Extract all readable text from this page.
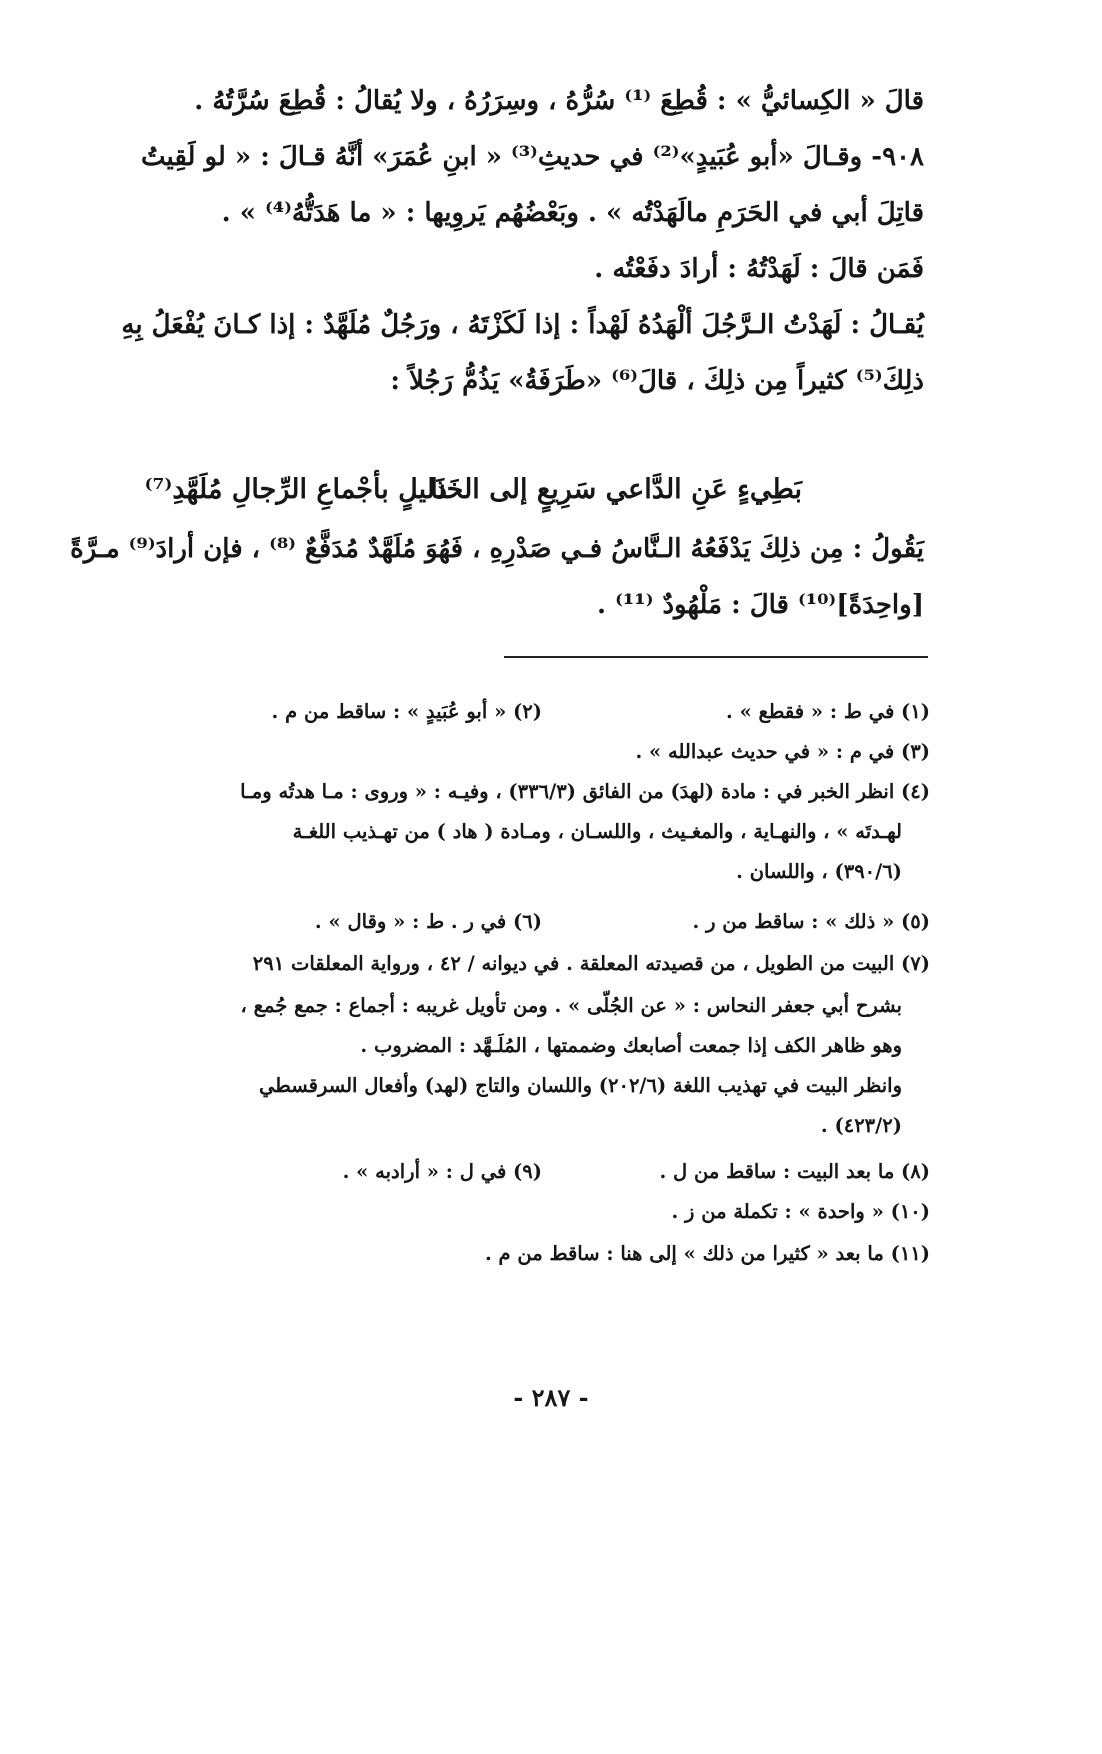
قالَ « الكِسائيُّ » : قُطِعَ ⁽¹⁾ سُرُّهُ ، وسِرَرُهُ ، ولا يُقالُ : قُطِعَ سُرَّتُهُ .
٩٠٨- وقـالَ «أبو عُبَيدٍ»⁽²⁾ في حديثِ⁽³⁾ « ابنِ عُمَرَ» أنَّهُ قـالَ : « لو لَقِيتُ
قاتِلَ أبي في الحَرَمِ مالَهَدْتُه » . وبَعْضُهُم يَروِيها : « ما هَدَتُّهُ⁽⁴⁾ » .
فَمَن قالَ : لَهَدْتُهُ : أرادَ دفَعْتُه .
يُقـالُ : لَهَدْتُ الـرَّجُلَ ألْهَدُهُ لَهْداً : إذا لَكَزْتَهُ ، ورَجُلٌ مُلَهَّدٌ : إذا كـانَ يُفْعَلُ بِهِ
ذلِكَ⁽⁵⁾ كثيراً مِن ذلِكَ ، قالَ⁽⁶⁾ «طَرَفَةُ» يَذُمُّ رَجُلاً :
بَطِيءٍ عَنِ الدَّاعي سَرِيعٍ إلى الخَنا
ذَليلٍ بأجْماعِ الرِّجالِ مُلَهَّدِ⁽⁷⁾
يَقُولُ : مِن ذلِكَ يَدْفَعُهُ الـنَّاسُ فـي صَدْرِهِ ، فَهُوَ مُلَهَّدٌ مُدَفَّعٌ ⁽⁸⁾ ، فإن أرادَ⁽⁹⁾ مـرَّةً
[واحِدَةً]⁽¹⁰⁾ قالَ : مَلْهُودٌ ⁽¹¹⁾ .
(١) في ط : « فقطع » .
(٢) « أبو عُبَيدٍ » : ساقط من م .
(٣) في م : « في حديث عبدالله » .
(٤) انظر الخبر في : مادة (لهدَ) من الفائق (٣٣٦/٣) ، وفيـه : « وروى : مـا هدتُه ومـا
لهـدتَه » ، والنهـاية ، والمغـيث ، واللسـان ، ومـادة ( هاد ) من تهـذيب اللغـة
(٣٩٠/٦) ، واللسان .
(٥) « ذلك » : ساقط من ر .
(٦) في ر . ط : « وقال » .
(٧) البيت من الطويل ، من قصيدته المعلقة . في ديوانه / ٤٢ ، ورواية المعلقات ٢٩١
بشرح أبي جعفر النحاس : « عن الجُلّى » . ومن تأويل غريبه : أجماع : جمع جُمع ،
وهو ظاهر الكف إذا جمعت أصابعك وضممتها ، المُلَـهَّد : المضروب .
وانظر البيت في تهذيب اللغة (٢٠٢/٦) واللسان والتاج (لهد) وأفعال السرقسطي
(٤٢٣/٢) .
(٨) ما بعد البيت : ساقط من ل .
(٩) في ل : « أرادبه » .
(١٠) « واحدة » : تكملة من ز .
(١١) ما بعد « كثيرا من ذلك » إلى هنا : ساقط من م .
- ٢٨٧ -
